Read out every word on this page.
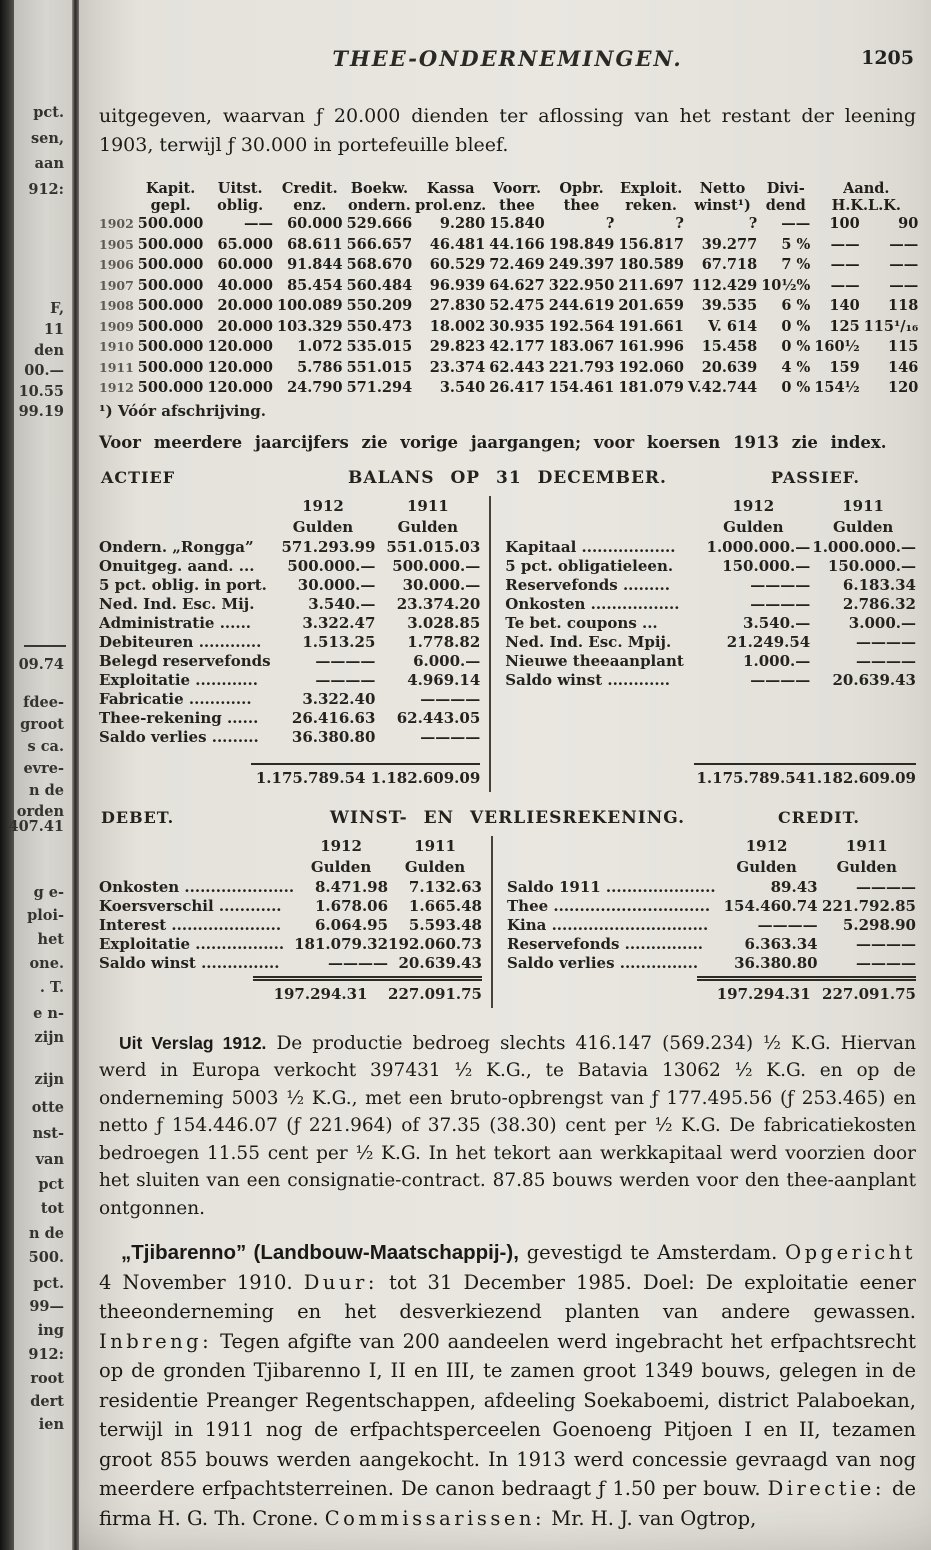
pct.
sen,
aan
912:
F,
11
den
00.—
10.55
99.19
09.74
fdee-
groot
s ca.
evre-
n de
orden
407.41
g e-
ploi-
het
one.
. T.
e n-
zijn
zijn
otte
nst-
van
pct
tot
n de
500.
pct.
99—
ing
912:
root
dert
ien
THEE-ONDERNEMINGEN.	1205

uitgegeven, waarvan ƒ 20.000 dienden ter aflossing van het restant der leening 1903, terwijl ƒ 30.000 in portefeuille bleef.

	Kapit.	Uitst.	Credit.	Boekw.	Kassa	Voorr.	Opbr.	Exploit.	Netto	Divi-	Aand.	
	gepl.	oblig.	enz.	ondern.	prol.enz.	thee	thee	reken.	winst¹)	dend	H.K.L.K.	
1902	500.000	——	60.000	529.666	9.280	15.840	?	?	?	——	100	90
1905	500.000	65.000	68.611	566.657	46.481	44.166	198.849	156.817	39.277	5 %	——	——
1906	500.000	60.000	91.844	568.670	60.529	72.469	249.397	180.589	67.718	7 %	——	——
1907	500.000	40.000	85.454	560.484	96.939	64.627	322.950	211.697	112.429	10½%	——	——
1908	500.000	20.000	100.089	550.209	27.830	52.475	244.619	201.659	39.535	6 %	140	118
1909	500.000	20.000	103.329	550.473	18.002	30.935	192.564	191.661	V. 614	0 %	125	115¹/₁₆
1910	500.000	120.000	1.072	535.015	29.823	42.177	183.067	161.996	15.458	0 %	160½	115
1911	500.000	120.000	5.786	551.015	23.374	62.443	221.793	192.060	20.639	4 %	159	146
1912	500.000	120.000	24.790	571.294	3.540	26.417	154.461	181.079	V.42.744	0 %	154½	120
¹) Vóór afschrijving.
Voor meerdere jaarcijfers zie vorige jaargangen; voor koersen 1913 zie index.
ACTIEF	BALANS OP 31 DECEMBER.	PASSIEF.
	1912	1911
	Gulden	Gulden
Ondern. „Rongga”	571.293.99	551.015.03
Onuitgeg. aand. ...	500.000.—	500.000.—
5 pct. oblig. in port.	30.000.—	30.000.—
Ned. Ind. Esc. Mij.	3.540.—	23.374.20
Administratie ......	3.322.47	3.028.85
Debiteuren ............	1.513.25	1.778.82
Belegd reservefonds	————	6.000.—
Exploitatie ............	————	4.969.14
Fabricatie ............	3.322.40	————
Thee-rekening ......	26.416.63	62.443.05
Saldo verlies .........	36.380.80	————
	1.175.789.54	1.182.609.09
	1912	1911
	Gulden	Gulden
Kapitaal ..................	1.000.000.—	1.000.000.—
5 pct. obligatieleen.	150.000.—	150.000.—
Reservefonds .........	————	6.183.34
Onkosten .................	————	2.786.32
Te bet. coupons ...	3.540.—	3.000.—
Ned. Ind. Esc. Mpij.	21.249.54	————
Nieuwe theeaanplant	1.000.—	————
Saldo winst ............	————	20.639.43
	1.175.789.54	1.182.609.09
DEBET.	WINST- EN VERLIESREKENING.	CREDIT.
	1912	1911
	Gulden	Gulden
Onkosten .....................	8.471.98	7.132.63
Koersverschil ............	1.678.06	1.665.48
Interest .....................	6.064.95	5.593.48
Exploitatie .................	181.079.32	192.060.73
Saldo winst ...............	————	20.639.43
	197.294.31	227.091.75
	1912	1911
	Gulden	Gulden
Saldo 1911 .....................	89.43	————
Thee ..............................	154.460.74	221.792.85
Kina ..............................	————	5.298.90
Reservefonds ...............	6.363.34	————
Saldo verlies ...............	36.380.80	————
	197.294.31	227.091.75

Uit Verslag 1912. De productie bedroeg slechts 416.147 (569.234) ½ K.G. Hiervan werd in Europa verkocht 397431 ½ K.G., te Batavia 13062 ½ K.G. en op de onderneming 5003 ½ K.G., met een bruto-opbrengst van ƒ 177.495.56 (ƒ 253.465) en netto ƒ 154.446.07 (ƒ 221.964) of 37.35 (38.30) cent per ½ K.G. De fabricatiekosten bedroegen 11.55 cent per ½ K.G. In het tekort aan werkkapitaal werd voorzien door het sluiten van een consignatie-contract. 87.85 bouws werden voor den thee-aanplant ontgonnen.

„Tjibarenno” (Landbouw-Maatschappij-), gevestigd te Amsterdam. Opgericht 4 November 1910. Duur: tot 31 December 1985. Doel: De exploitatie eener theeonderneming en het desverkiezend planten van andere gewassen. Inbreng: Tegen afgifte van 200 aandeelen werd ingebracht het erfpachtsrecht op de gronden Tjibarenno I, II en III, te zamen groot 1349 bouws, gelegen in de residentie Preanger Regentschappen, afdeeling Soekaboemi, district Palaboekan, terwijl in 1911 nog de erfpachtsperceelen Goenoeng Pitjoen I en II, tezamen groot 855 bouws werden aangekocht. In 1913 werd concessie gevraagd van nog meerdere erfpachtsterreinen. De canon bedraagt ƒ 1.50 per bouw. Directie: de firma H. G. Th. Crone. Commissarissen: Mr. H. J. van Ogtrop,
